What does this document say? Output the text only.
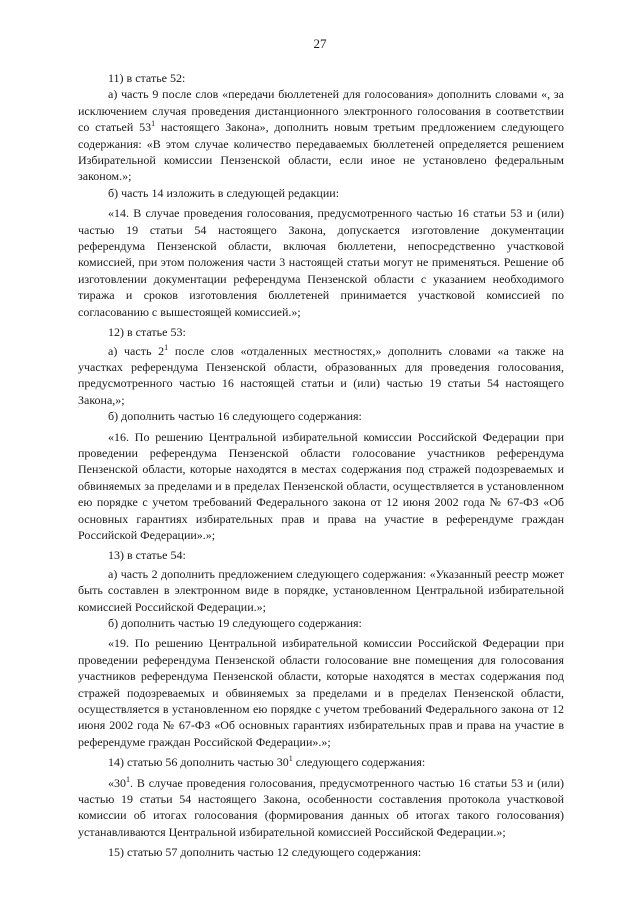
27

11) в статье 52:

а) часть 9 после слов «передачи бюллетеней для голосования» дополнить словами «, за исключением случая проведения дистанционного электронного голосования в соответствии со статьей $53^1$ настоящего Закона», дополнить новым третьим предложением следующего содержания: «В этом случае количество передаваемых бюллетеней определяется решением Избирательной комиссии Пензенской области, если иное не установлено федеральным законом.»;

б) часть 14 изложить в следующей редакции:

«14. В случае проведения голосования, предусмотренного частью 16 статьи 53 и (или) частью 19 статьи 54 настоящего Закона, допускается изготовление документации референдума Пензенской области, включая бюллетени, непосредственно участковой комиссией, при этом положения части 3 настоящей статьи могут не применяться. Решение об изготовлении документации референдума Пензенской области с указанием необходимого тиража и сроков изготовления бюллетеней принимается участковой комиссией по согласованию с вышестоящей комиссией.»;

12) в статье 53:

а) часть $2^1$ после слов «отдаленных местностях,» дополнить словами «а также на участках референдума Пензенской области, образованных для проведения голосования, предусмотренного частью 16 настоящей статьи и (или) частью 19 статьи 54 настоящего Закона,»;

б) дополнить частью 16 следующего содержания:

«16. По решению Центральной избирательной комиссии Российской Федерации при проведении референдума Пензенской области голосование участников референдума Пензенской области, которые находятся в местах содержания под стражей подозреваемых и обвиняемых за пределами и в пределах Пензенской области, осуществляется в установленном ею порядке с учетом требований Федерального закона от 12 июня 2002 года № 67-ФЗ «Об основных гарантиях избирательных прав и права на участие в референдуме граждан Российской Федерации».»;

13) в статье 54:

а) часть 2 дополнить предложением следующего содержания: «Указанный реестр может быть составлен в электронном виде в порядке, установленном Центральной избирательной комиссией Российской Федерации.»;

б) дополнить частью 19 следующего содержания:

«19. По решению Центральной избирательной комиссии Российской Федерации при проведении референдума Пензенской области голосование вне помещения для голосования участников референдума Пензенской области, которые находятся в местах содержания под стражей подозреваемых и обвиняемых за пределами и в пределах Пензенской области, осуществляется в установленном ею порядке с учетом требований Федерального закона от 12 июня 2002 года № 67-ФЗ «Об основных гарантиях избирательных прав и права на участие в референдуме граждан Российской Федерации».»;

14) статью 56 дополнить частью $30^1$ следующего содержания:

«$30^1$. В случае проведения голосования, предусмотренного частью 16 статьи 53 и (или) частью 19 статьи 54 настоящего Закона, особенности составления протокола участковой комиссии об итогах голосования (формирования данных об итогах такого голосования) устанавливаются Центральной избирательной комиссией Российской Федерации.»;

15) статью 57 дополнить частью 12 следующего содержания:
